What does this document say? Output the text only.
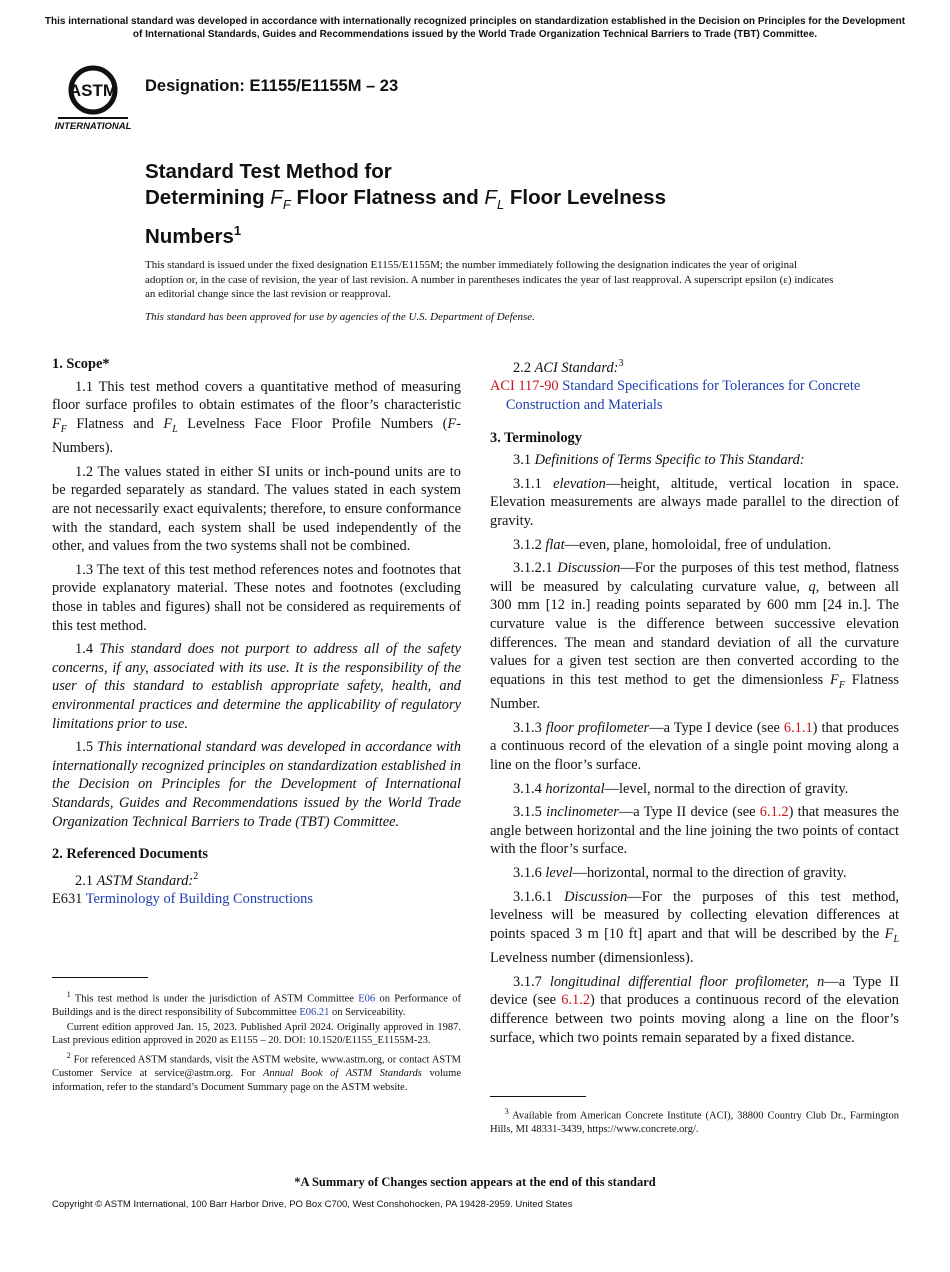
This international standard was developed in accordance with internationally recognized principles on standardization established in the Decision on Principles for the Development of International Standards, Guides and Recommendations issued by the World Trade Organization Technical Barriers to Trade (TBT) Committee.
ASTM
INTERNATIONAL
Designation: E1155/E1155M – 23
Standard Test Method for
Determining $F_F$ Floor Flatness and $F_L$ Floor Levelness
Numbers$^1$
This standard is issued under the fixed designation E1155/E1155M; the number immediately following the designation indicates the year of original adoption or, in the case of revision, the year of last revision. A number in parentheses indicates the year of last reapproval. A superscript epsilon (ε) indicates an editorial change since the last revision or reapproval.
This standard has been approved for use by agencies of the U.S. Department of Defense.
1. Scope*

1.1 This test method covers a quantitative method of measuring floor surface profiles to obtain estimates of the floor’s characteristic $F_F$ Flatness and $F_L$ Levelness Face Floor Profile Numbers (F-Numbers).

1.2 The values stated in either SI units or inch-pound units are to be regarded separately as standard. The values stated in each system are not necessarily exact equivalents; therefore, to ensure conformance with the standard, each system shall be used independently of the other, and values from the two systems shall not be combined.

1.3 The text of this test method references notes and footnotes that provide explanatory material. These notes and footnotes (excluding those in tables and figures) shall not be considered as requirements of this test method.

1.4 This standard does not purport to address all of the safety concerns, if any, associated with its use. It is the responsibility of the user of this standard to establish appropriate safety, health, and environmental practices and determine the applicability of regulatory limitations prior to use.

1.5 This international standard was developed in accordance with internationally recognized principles on standardization established in the Decision on Principles for the Development of International Standards, Guides and Recommendations issued by the World Trade Organization Technical Barriers to Trade (TBT) Committee.

2. Referenced Documents

2.1 ASTM Standard:$^2$

E631 Terminology of Building Constructions

$^1$ This test method is under the jurisdiction of ASTM Committee E06 on Performance of Buildings and is the direct responsibility of Subcommittee E06.21 on Serviceability.

Current edition approved Jan. 15, 2023. Published April 2024. Originally approved in 1987. Last previous edition approved in 2020 as E1155 – 20. DOI: 10.1520/E1155_E1155M-23.

$^2$ For referenced ASTM standards, visit the ASTM website, www.astm.org, or contact ASTM Customer Service at service@astm.org. For Annual Book of ASTM Standards volume information, refer to the standard’s Document Summary page on the ASTM website.

2.2 ACI Standard:$^3$

ACI 117-90 Standard Specifications for Tolerances for Concrete Construction and Materials
3. Terminology

3.1 Definitions of Terms Specific to This Standard:

3.1.1 elevation—height, altitude, vertical location in space. Elevation measurements are always made parallel to the direction of gravity.

3.1.2 flat—even, plane, homoloidal, free of undulation.

3.1.2.1 Discussion—For the purposes of this test method, flatness will be measured by calculating curvature value, q, between all 300 mm [12 in.] reading points separated by 600 mm [24 in.]. The curvature value is the difference between successive elevation differences. The mean and standard deviation of all the curvature values for a given test section are then converted according to the equations in this test method to get the dimensionless $F_F$ Flatness Number.

3.1.3 floor profilometer—a Type I device (see 6.1.1) that produces a continuous record of the elevation of a single point moving along a line on the floor’s surface.

3.1.4 horizontal—level, normal to the direction of gravity.

3.1.5 inclinometer—a Type II device (see 6.1.2) that measures the angle between horizontal and the line joining the two points of contact with the floor’s surface.

3.1.6 level—horizontal, normal to the direction of gravity.

3.1.6.1 Discussion—For the purposes of this test method, levelness will be measured by collecting elevation differences at points spaced 3 m [10 ft] apart and that will be described by the $F_L$ Levelness number (dimensionless).

3.1.7 longitudinal differential floor profilometer, n—a Type II device (see 6.1.2) that produces a continuous record of the elevation difference between two points moving along a line on the floor’s surface, which two points remain separated by a fixed distance.

$^3$ Available from American Concrete Institute (ACI), 38800 Country Club Dr., Farmington Hills, MI 48331-3439, https://www.concrete.org/.

*A Summary of Changes section appears at the end of this standard
Copyright © ASTM International, 100 Barr Harbor Drive, PO Box C700, West Conshohocken, PA 19428-2959. United States
